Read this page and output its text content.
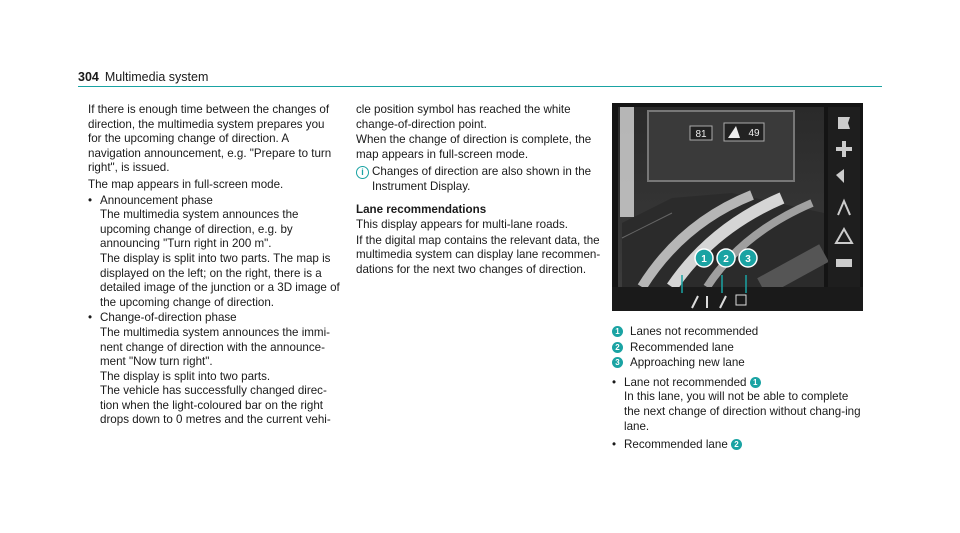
304 Multimedia system

If there is enough time between the changes of direction, the multimedia system prepares you for the upcoming change of direction. A navigation announcement, e.g. "Prepare to turn right", is issued.

The map appears in full-screen mode.

• Announcement phase
The multimedia system announces the upcoming change of direction, e.g. by announcing "Turn right in 200 m".
The display is split into two parts. The map is displayed on the left; on the right, there is a detailed image of the junction or a 3D image of the upcoming change of direction.
• Change-of-direction phase
The multimedia system announces the immi-nent change of direction with the announce-ment "Now turn right".
The display is split into two parts.
The vehicle has successfully changed direc-tion when the light-coloured bar on the right drops down to 0 metres and the current vehi-

cle position symbol has reached the white change-of-direction point.

When the change of direction is complete, the map appears in full-screen mode.

i Changes of direction are also shown in the Instrument Display.

Lane recommendations

This display appears for multi-lane roads.

If the digital map contains the relevant data, the multimedia system can display lane recommen-dations for the next two changes of direction.

81	49
1 2 3
1 Lanes not recommended
2 Recommended lane
3 Approaching new lane
• Lane not recommended 1

In this lane, you will not be able to complete the next change of direction without chang-ing lane.

• Recommended lane 2
